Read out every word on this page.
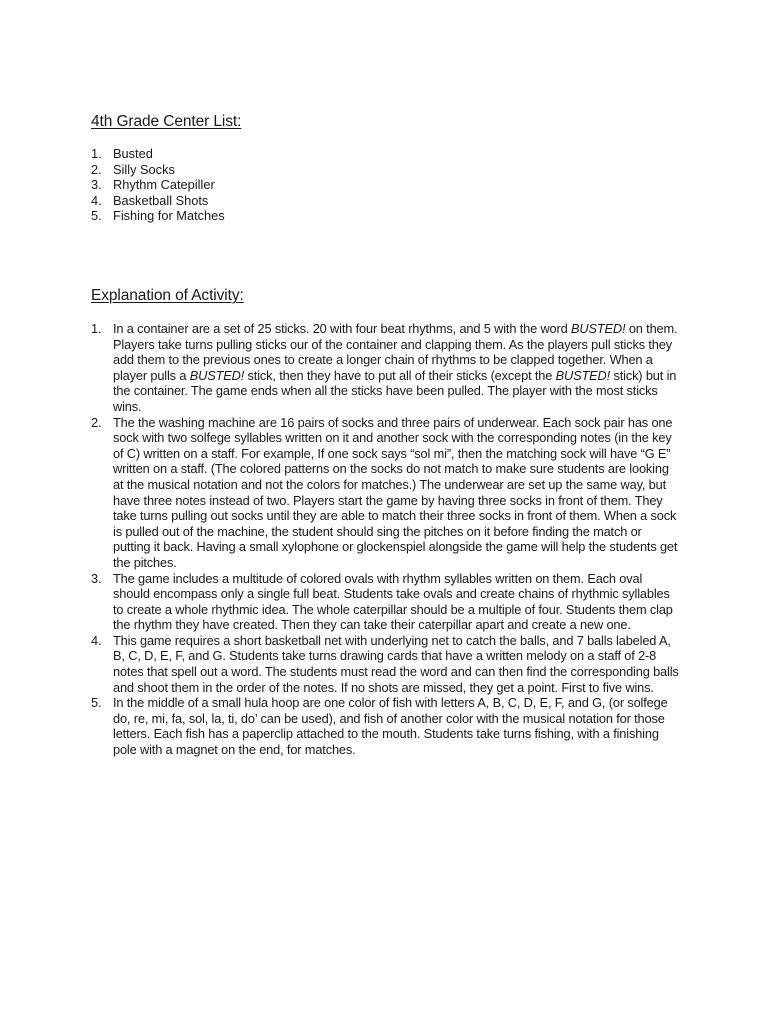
4th Grade Center List:
1. Busted
2. Silly Socks
3. Rhythm Catepiller
4. Basketball Shots
5. Fishing for Matches
Explanation of Activity:
1. In a container are a set of 25 sticks. 20 with four beat rhythms, and 5 with the word BUSTED! on them. Players take turns pulling sticks our of the container and clapping them. As the players pull sticks they add them to the previous ones to create a longer chain of rhythms to be clapped together. When a player pulls a BUSTED! stick, then they have to put all of their sticks (except the BUSTED! stick) but in the container. The game ends when all the sticks have been pulled. The player with the most sticks wins.
2. The the washing machine are 16 pairs of socks and three pairs of underwear. Each sock pair has one sock with two solfege syllables written on it and another sock with the corresponding notes (in the key of C) written on a staff. For example, If one sock says “sol mi”, then the matching sock will have “G E” written on a staff. (The colored patterns on the socks do not match to make sure students are looking at the musical notation and not the colors for matches.) The underwear are set up the same way, but have three notes instead of two. Players start the game by having three socks in front of them. They take turns pulling out socks until they are able to match their three socks in front of them. When a sock is pulled out of the machine, the student should sing the pitches on it before finding the match or putting it back. Having a small xylophone or glockenspiel alongside the game will help the students get the pitches.
3. The game includes a multitude of colored ovals with rhythm syllables written on them. Each oval should encompass only a single full beat. Students take ovals and create chains of rhythmic syllables to create a whole rhythmic idea. The whole caterpillar should be a multiple of four. Students them clap the rhythm they have created. Then they can take their caterpillar apart and create a new one.
4. This game requires a short basketball net with underlying net to catch the balls, and 7 balls labeled A, B, C, D, E, F, and G. Students take turns drawing cards that have a written melody on a staff of 2-8 notes that spell out a word. The students must read the word and can then find the corresponding balls and shoot them in the order of the notes. If no shots are missed, they get a point. First to five wins.
5. In the middle of a small hula hoop are one color of fish with letters A, B, C, D, E, F, and G, (or solfege do, re, mi, fa, sol, la, ti, do’ can be used), and fish of another color with the musical notation for those letters. Each fish has a paperclip attached to the mouth. Students take turns fishing, with a finishing pole with a magnet on the end, for matches.
